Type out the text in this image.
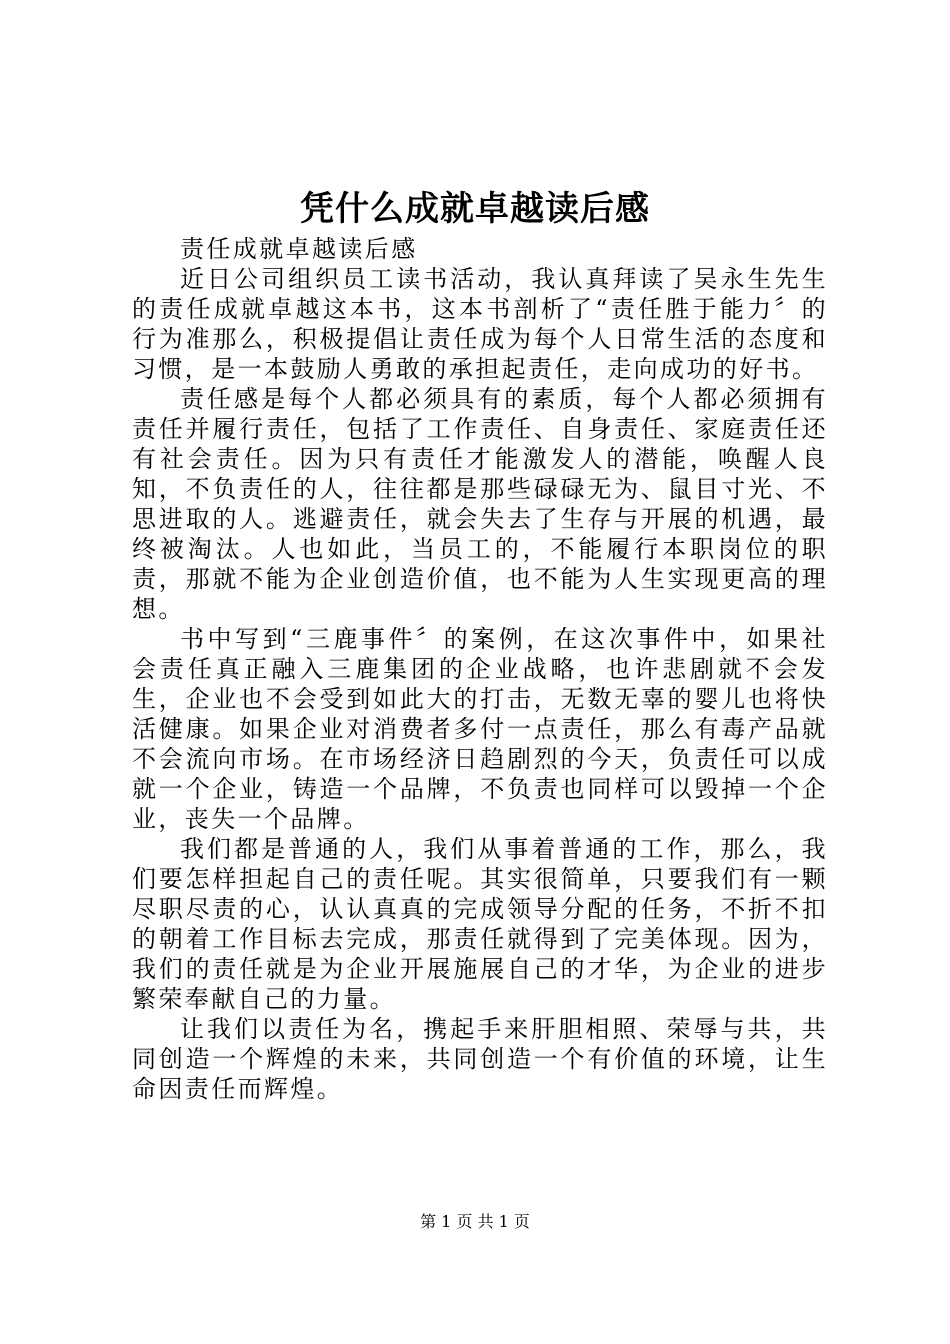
凭什么成就卓越读后感

责任成就卓越读后感

近日公司组织员工读书活动，我认真拜读了吴永生先生的责任成就卓越这本书，这本书剖析了“责任胜于能力〞的行为准那么，积极提倡让责任成为每个人日常生活的态度和习惯，是一本鼓励人勇敢的承担起责任，走向成功的好书。

责任感是每个人都必须具有的素质，每个人都必须拥有责任并履行责任，包括了工作责任、自身责任、家庭责任还有社会责任。因为只有责任才能激发人的潜能，唤醒人良知，不负责任的人，往往都是那些碌碌无为、鼠目寸光、不思进取的人。逃避责任，就会失去了生存与开展的机遇，最终被淘汰。人也如此，当员工的，不能履行本职岗位的职责，那就不能为企业创造价值，也不能为人生实现更高的理想。

书中写到“三鹿事件〞的案例，在这次事件中，如果社会责任真正融入三鹿集团的企业战略，也许悲剧就不会发生，企业也不会受到如此大的打击，无数无辜的婴儿也将快活健康。如果企业对消费者多付一点责任，那么有毒产品就不会流向市场。在市场经济日趋剧烈的今天，负责任可以成就一个企业，铸造一个品牌，不负责也同样可以毁掉一个企业，丧失一个品牌。

我们都是普通的人，我们从事着普通的工作，那么，我们要怎样担起自己的责任呢。其实很简单，只要我们有一颗尽职尽责的心，认认真真的完成领导分配的任务，不折不扣的朝着工作目标去完成，那责任就得到了完美体现。因为，我们的责任就是为企业开展施展自己的才华，为企业的进步繁荣奉献自己的力量。

让我们以责任为名，携起手来肝胆相照、荣辱与共，共同创造一个辉煌的未来，共同创造一个有价值的环境，让生命因责任而辉煌。

第 1 页 共 1 页
